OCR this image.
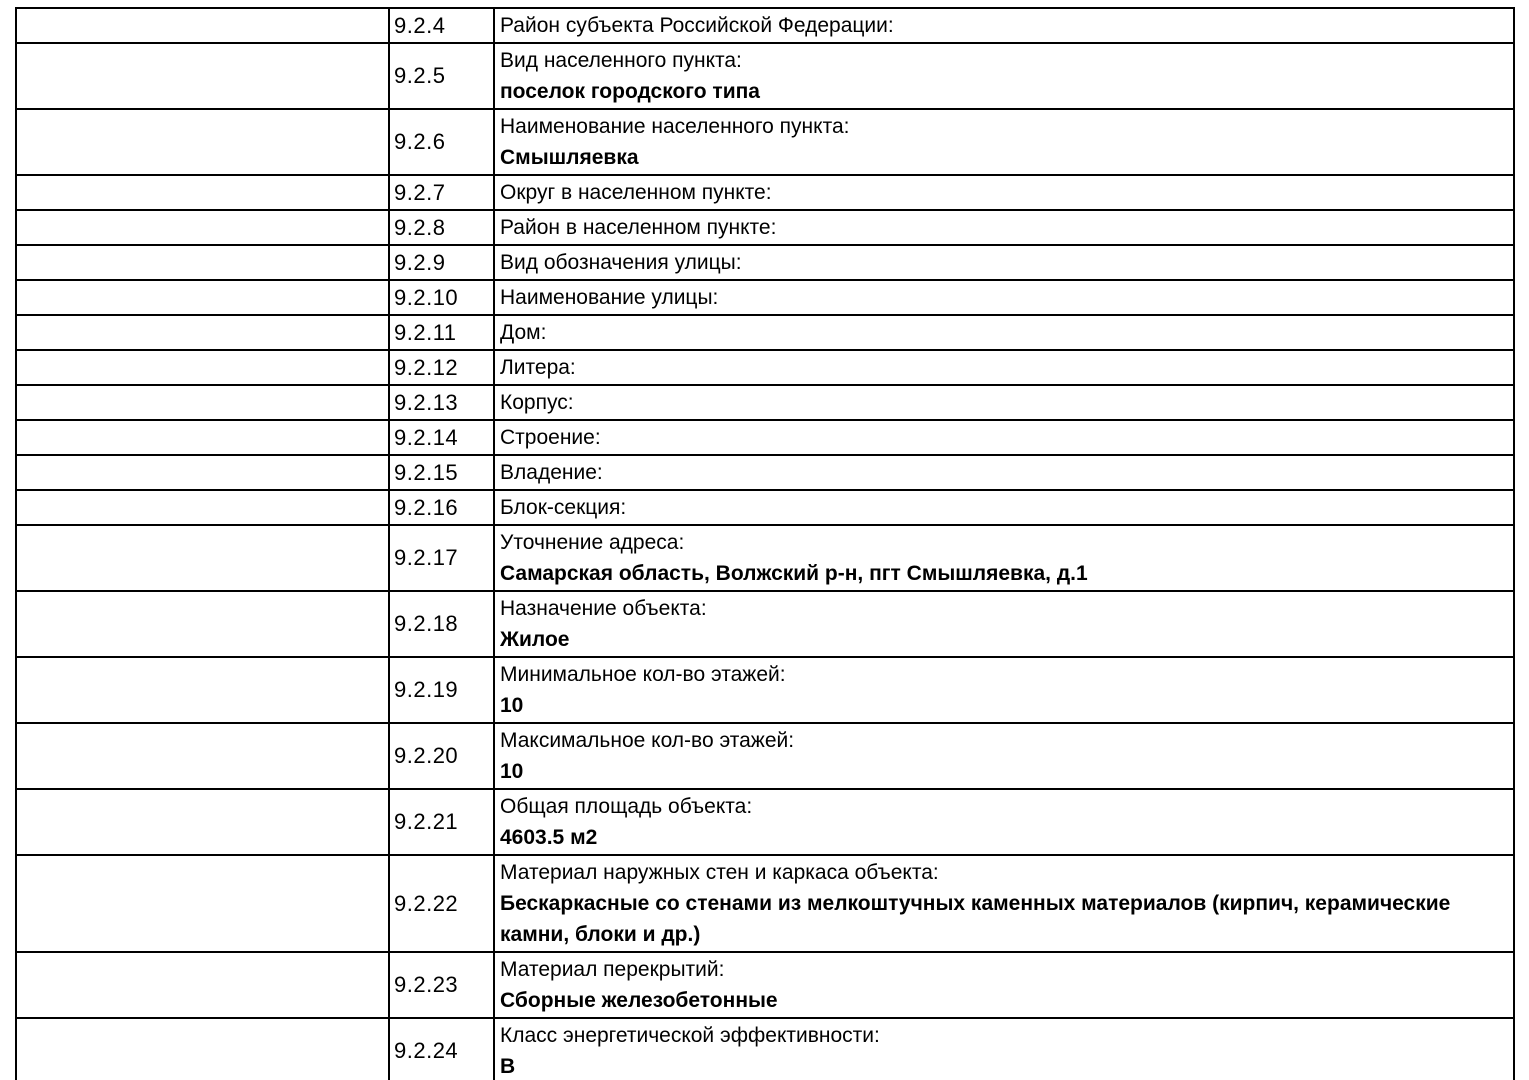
	9.2.4	Район субъекта Российской Федерации:

	9.2.5	Вид населенного пункта:
поселок городского типа

	9.2.6	Наименование населенного пункта:
Смышляевка

	9.2.7	Округ в населенном пункте:

	9.2.8	Район в населенном пункте:

	9.2.9	Вид обозначения улицы:

	9.2.10	Наименование улицы:

	9.2.11	Дом:

	9.2.12	Литера:

	9.2.13	Корпус:

	9.2.14	Строение:

	9.2.15	Владение:

	9.2.16	Блок-секция:

	9.2.17	Уточнение адреса:
Самарская область, Волжский р-н, пгт Смышляевка, д.1

	9.2.18	Назначение объекта:
Жилое

	9.2.19	Минимальное кол-во этажей:
10

	9.2.20	Максимальное кол-во этажей:
10

	9.2.21	Общая площадь объекта:
4603.5 м2

	9.2.22	Материал наружных стен и каркаса объекта:
Бескаркасные со стенами из мелкоштучных каменных материалов (кирпич, керамические камни, блоки и др.)

	9.2.23	Материал перекрытий:
Сборные железобетонные

	9.2.24	Класс энергетической эффективности:
В
